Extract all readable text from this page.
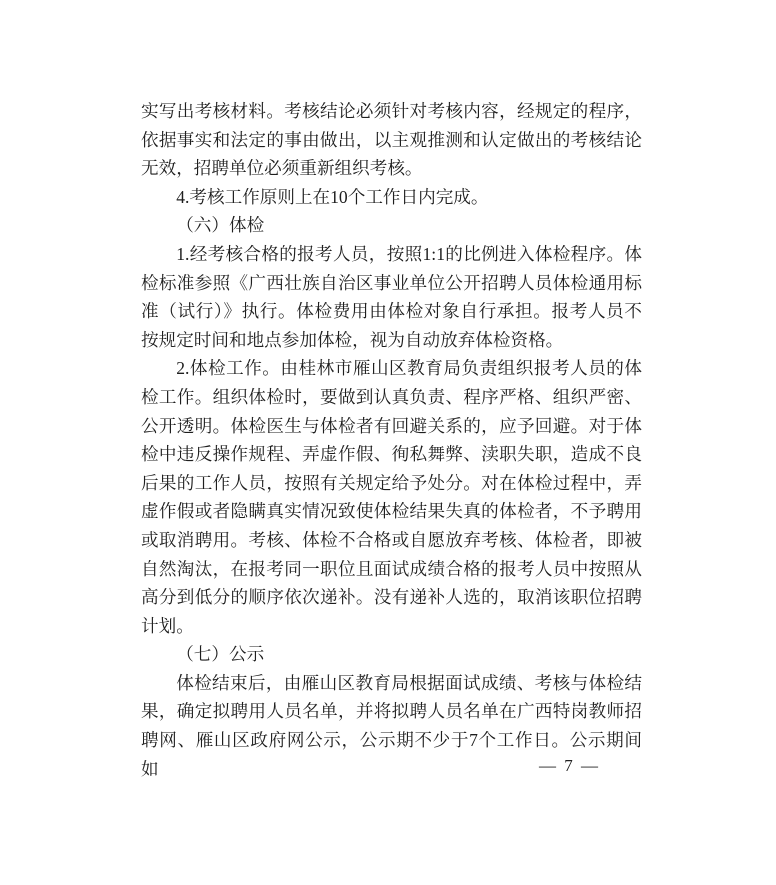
实写出考核材料。考核结论必须针对考核内容，经规定的程序，
依据事实和法定的事由做出，以主观推测和认定做出的考核结论
无效，招聘单位必须重新组织考核。
4.考核工作原则上在10个工作日内完成。
（六）体检
1.经考核合格的报考人员，按照1:1的比例进入体检程序。体
检标准参照《广西壮族自治区事业单位公开招聘人员体检通用标
准（试行）》执行。体检费用由体检对象自行承担。报考人员不
按规定时间和地点参加体检，视为自动放弃体检资格。
2.体检工作。由桂林市雁山区教育局负责组织报考人员的体
检工作。组织体检时，要做到认真负责、程序严格、组织严密、
公开透明。体检医生与体检者有回避关系的，应予回避。对于体
检中违反操作规程、弄虚作假、徇私舞弊、渎职失职，造成不良
后果的工作人员，按照有关规定给予处分。对在体检过程中，弄
虚作假或者隐瞒真实情况致使体检结果失真的体检者，不予聘用
或取消聘用。考核、体检不合格或自愿放弃考核、体检者，即被
自然淘汰，在报考同一职位且面试成绩合格的报考人员中按照从
高分到低分的顺序依次递补。没有递补人选的，取消该职位招聘
计划。
（七）公示
体检结束后，由雁山区教育局根据面试成绩、考核与体检结
果，确定拟聘用人员名单，并将拟聘人员名单在广西特岗教师招
聘网、雁山区政府网公示，公示期不少于7个工作日。公示期间如	— 7 —
